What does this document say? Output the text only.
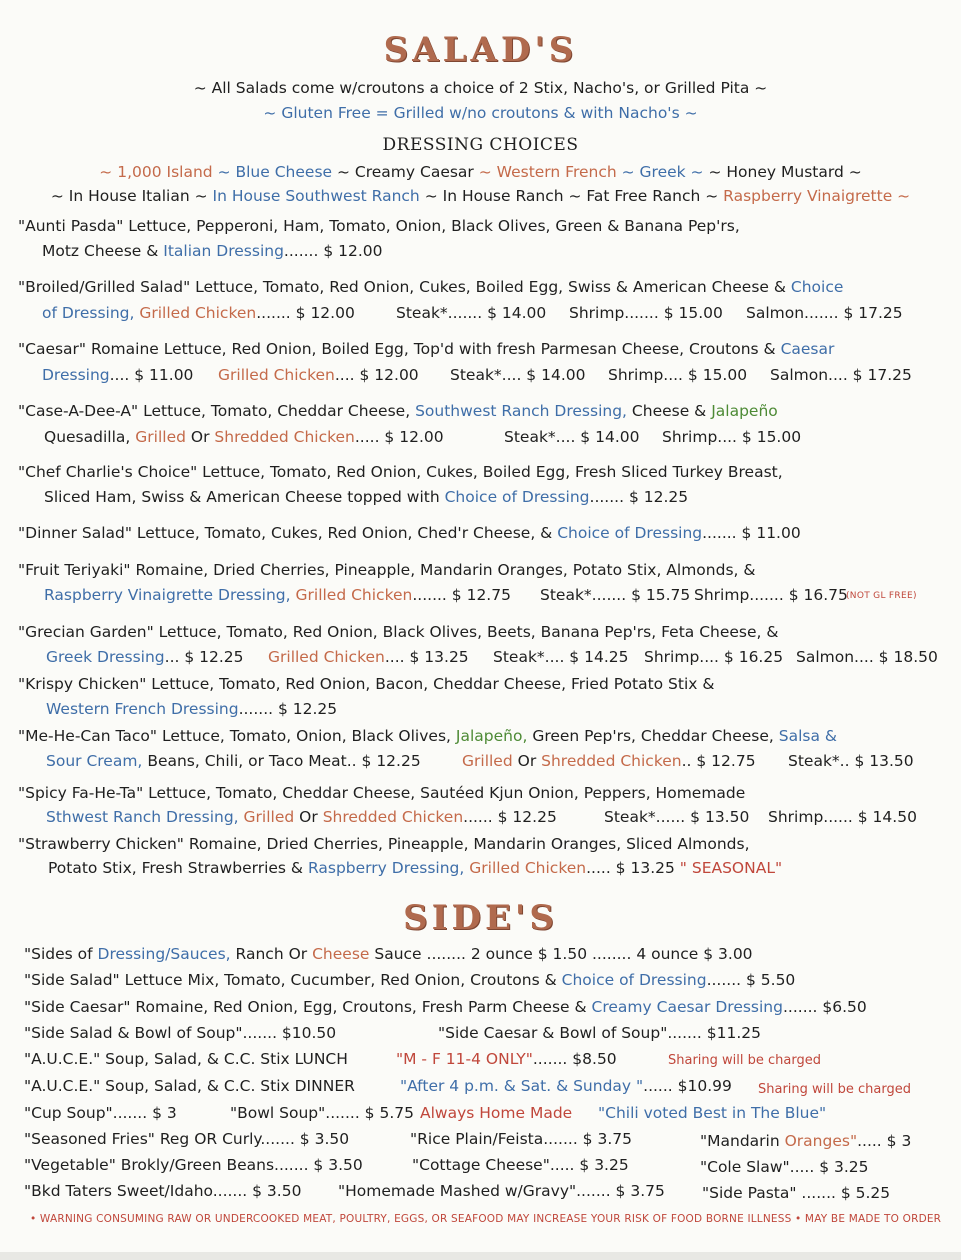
SALAD'S
~ All Salads come w/croutons a choice of 2 Stix, Nacho's, or Grilled Pita ~
~ Gluten Free = Grilled w/no croutons & with Nacho's ~
DRESSING CHOICES
~ 1,000 Island ~ Blue Cheese ~ Creamy Caesar ~ Western French ~ Greek ~ ~ Honey Mustard ~
~ In House Italian ~ In House Southwest Ranch ~ In House Ranch ~ Fat Free Ranch ~ Raspberry Vinaigrette ~
"Aunti Pasda" Lettuce, Pepperoni, Ham, Tomato, Onion, Black Olives, Green & Banana Pep'rs,
Motz Cheese & Italian Dressing....... $ 12.00
"Broiled/Grilled Salad" Lettuce, Tomato, Red Onion, Cukes, Boiled Egg, Swiss & American Cheese & Choice
of Dressing, Grilled Chicken....... $ 12.00	Steak*....... $ 14.00 Shrimp....... $ 15.00 Salmon....... $ 17.25
"Caesar" Romaine Lettuce, Red Onion, Boiled Egg, Top'd with fresh Parmesan Cheese, Croutons & Caesar
Dressing.... $ 11.00 Grilled Chicken.... $ 12.00 Steak*.... $ 14.00 Shrimp.... $ 15.00 Salmon.... $ 17.25
"Case-A-Dee-A" Lettuce, Tomato, Cheddar Cheese, Southwest Ranch Dressing, Cheese & Jalapeño
Quesadilla, Grilled Or Shredded Chicken..... $ 12.00	Steak*.... $ 14.00 Shrimp.... $ 15.00
"Chef Charlie's Choice" Lettuce, Tomato, Red Onion, Cukes, Boiled Egg, Fresh Sliced Turkey Breast,
Sliced Ham, Swiss & American Cheese topped with Choice of Dressing....... $ 12.25
"Dinner Salad" Lettuce, Tomato, Cukes, Red Onion, Ched'r Cheese, & Choice of Dressing....... $ 11.00
"Fruit Teriyaki" Romaine, Dried Cherries, Pineapple, Mandarin Oranges, Potato Stix, Almonds, &
Raspberry Vinaigrette Dressing, Grilled Chicken....... $ 12.75 Steak*....... $ 15.75 Shrimp....... $ 16.75
(NOT GL FREE)
"Grecian Garden" Lettuce, Tomato, Red Onion, Black Olives, Beets, Banana Pep'rs, Feta Cheese, &
Greek Dressing... $ 12.25 Grilled Chicken.... $ 13.25 Steak*.... $ 14.25 Shrimp.... $ 16.25 Salmon.... $ 18.50
"Krispy Chicken" Lettuce, Tomato, Red Onion, Bacon, Cheddar Cheese, Fried Potato Stix &
Western French Dressing....... $ 12.25
"Me-He-Can Taco" Lettuce, Tomato, Onion, Black Olives, Jalapeño, Green Pep'rs, Cheddar Cheese, Salsa &
Sour Cream, Beans, Chili, or Taco Meat.. $ 12.25	Grilled Or Shredded Chicken.. $ 12.75 Steak*.. $ 13.50
"Spicy Fa-He-Ta" Lettuce, Tomato, Cheddar Cheese, Sautéed Kjun Onion, Peppers, Homemade
Sthwest Ranch Dressing, Grilled Or Shredded Chicken...... $ 12.25	Steak*...... $ 13.50 Shrimp...... $ 14.50
"Strawberry Chicken" Romaine, Dried Cherries, Pineapple, Mandarin Oranges, Sliced Almonds,
Potato Stix, Fresh Strawberries & Raspberry Dressing, Grilled Chicken..... $ 13.25 " SEASONAL"
SIDE'S
"Sides of Dressing/Sauces, Ranch Or Cheese Sauce ........ 2 ounce $ 1.50 ........ 4 ounce $ 3.00
"Side Salad" Lettuce Mix, Tomato, Cucumber, Red Onion, Croutons & Choice of Dressing....... $ 5.50
"Side Caesar" Romaine, Red Onion, Egg, Croutons, Fresh Parm Cheese & Creamy Caesar Dressing....... $6.50
"Side Salad & Bowl of Soup"....... $10.50	"Side Caesar & Bowl of Soup"....... $11.25
"A.U.C.E." Soup, Salad, & C.C. Stix LUNCH	"M - F 11-4 ONLY"....... $8.50	Sharing will be charged
"A.U.C.E." Soup, Salad, & C.C. Stix DINNER	"After 4 p.m. & Sat. & Sunday "...... $10.99 Sharing will be charged
"Cup Soup"....... $ 3	"Bowl Soup"....... $ 5.75 Always Home Made "Chili voted Best in The Blue"
"Seasoned Fries" Reg OR Curly....... $ 3.50	"Rice Plain/Feista....... $ 3.75	"Mandarin Oranges"..... $ 3
"Vegetable" Brokly/Green Beans....... $ 3.50	"Cottage Cheese"..... $ 3.25	"Cole Slaw"..... $ 3.25
"Bkd Taters Sweet/Idaho....... $ 3.50 "Homemade Mashed w/Gravy"....... $ 3.75 "Side Pasta" ....... $ 5.25
• WARNING CONSUMING RAW OR UNDERCOOKED MEAT, POULTRY, EGGS, OR SEAFOOD MAY INCREASE YOUR RISK OF FOOD BORNE ILLNESS • MAY BE MADE TO ORDER
